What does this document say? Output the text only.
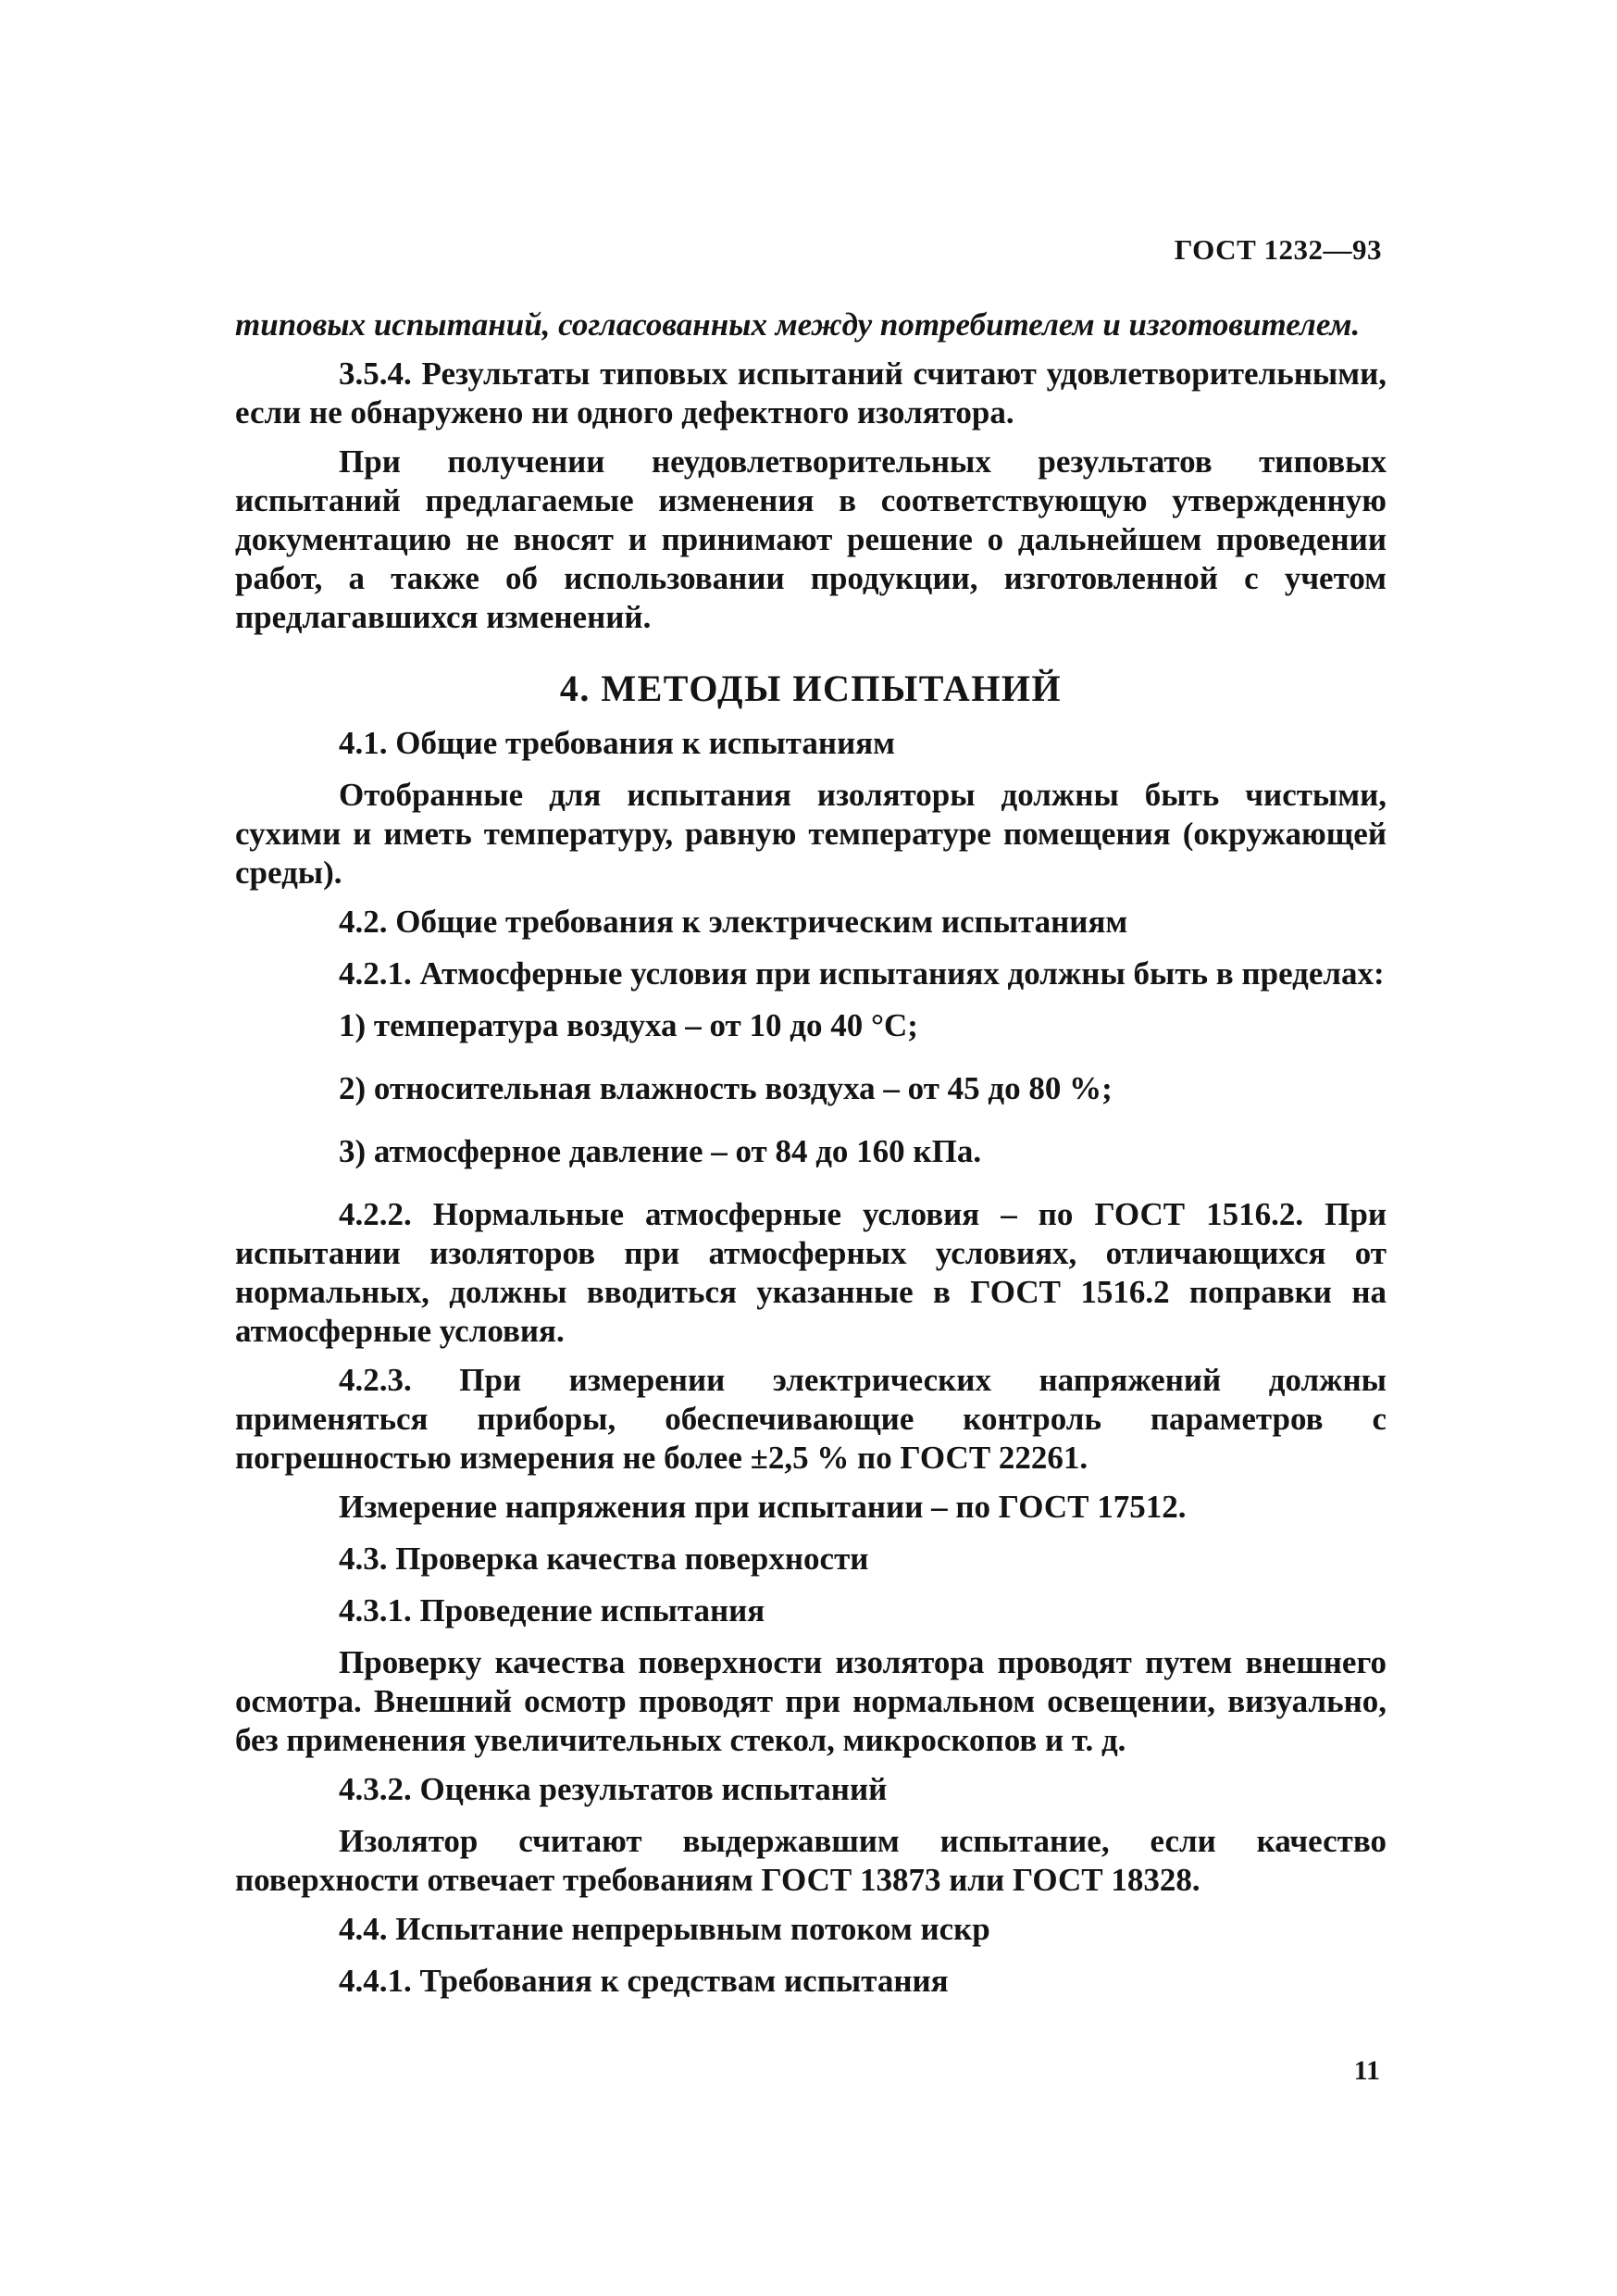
ГОСТ 1232—93

типовых испытаний, согласованных между потребителем и изготовителем.

3.5.4. Результаты типовых испытаний считают удовлетворительными, если не обнаружено ни одного дефектного изолятора.

При получении неудовлетворительных результатов типовых испытаний предлагаемые изменения в соответствующую утвержденную документацию не вносят и принимают решение о дальнейшем проведении работ, а также об использовании продукции, изготовленной с учетом предлагавшихся изменений.

4. МЕТОДЫ ИСПЫТАНИЙ

4.1. Общие требования к испытаниям

Отобранные для испытания изоляторы должны быть чистыми, сухими и иметь температуру, равную температуре помещения (окружающей среды).

4.2. Общие требования к электрическим испытаниям

4.2.1. Атмосферные условия при испытаниях должны быть в пределах:

1) температура воздуха – от 10 до 40 °С;

2) относительная влажность воздуха – от 45 до 80 %;

3) атмосферное давление – от 84 до 160 кПа.

4.2.2. Нормальные атмосферные условия – по ГОСТ 1516.2. При испытании изоляторов при атмосферных условиях, отличающихся от нормальных, должны вводиться указанные в ГОСТ 1516.2 поправки на атмосферные условия.

4.2.3. При измерении электрических напряжений должны применяться приборы, обеспечивающие контроль параметров с погрешностью измерения не более ±2,5 % по ГОСТ 22261.

Измерение напряжения при испытании – по ГОСТ 17512.

4.3. Проверка качества поверхности

4.3.1. Проведение испытания

Проверку качества поверхности изолятора проводят путем внешнего осмотра. Внешний осмотр проводят при нормальном освещении, визуально, без применения увеличительных стекол, микроскопов и т. д.

4.3.2. Оценка результатов испытаний

Изолятор считают выдержавшим испытание, если качество поверхности отвечает требованиям ГОСТ 13873 или ГОСТ 18328.

4.4. Испытание непрерывным потоком искр

4.4.1. Требования к средствам испытания

11
